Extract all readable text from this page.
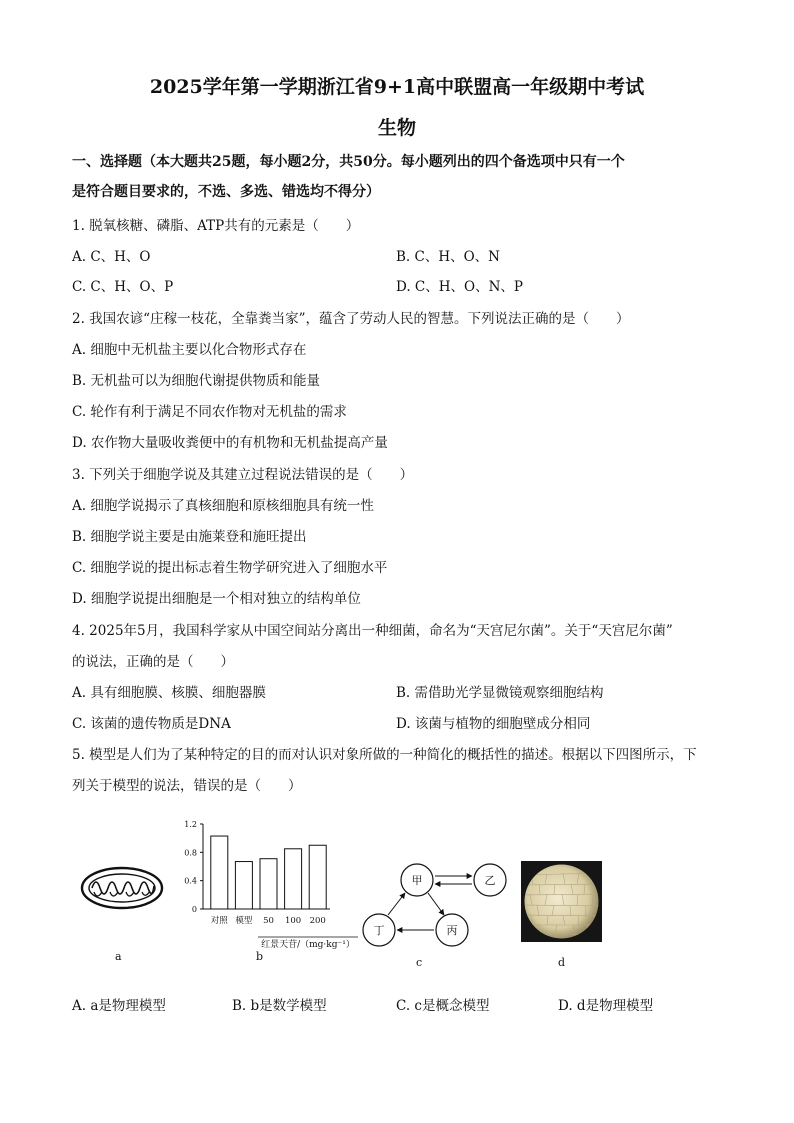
2025学年第一学期浙江省9+1高中联盟高一年级期中考试
生物
一、选择题（本大题共25题，每小题2分，共50分。每小题列出的四个备选项中只有一个
是符合题目要求的，不选、多选、错选均不得分）
1. 脱氧核糖、磷脂、ATP共有的元素是（　　）
A. C、H、O	B. C、H、O、N
C. C、H、O、P	D. C、H、O、N、P
2. 我国农谚“庄稼一枝花，全靠粪当家”，蕴含了劳动人民的智慧。下列说法正确的是（　　）
A. 细胞中无机盐主要以化合物形式存在
B. 无机盐可以为细胞代谢提供物质和能量
C. 轮作有利于满足不同农作物对无机盐的需求
D. 农作物大量吸收粪便中的有机物和无机盐提高产量
3. 下列关于细胞学说及其建立过程说法错误的是（　　）
A. 细胞学说揭示了真核细胞和原核细胞具有统一性
B. 细胞学说主要是由施莱登和施旺提出
C. 细胞学说的提出标志着生物学研究进入了细胞水平
D. 细胞学说提出细胞是一个相对独立的结构单位
4. 2025年5月，我国科学家从中国空间站分离出一种细菌，命名为“天宫尼尔菌”。关于“天宫尼尔菌”
的说法，正确的是（　　）
A. 具有细胞膜、核膜、细胞器膜	B. 需借助光学显微镜观察细胞结构
C. 该菌的遗传物质是DNA	D. 该菌与植物的细胞壁成分相同
5. 模型是人们为了某种特定的目的而对认识对象所做的一种简化的概括性的描述。根据以下四图所示，下
列关于模型的说法，错误的是（　　）
a
0
0.4
0.8
1.2
对照 模型 50 100 200
红景天苷/（mg·kg⁻¹）
b
甲	乙
丙
丁
c	d
A. a是物理模型	B. b是数学模型	C. c是概念模型	D. d是物理模型
